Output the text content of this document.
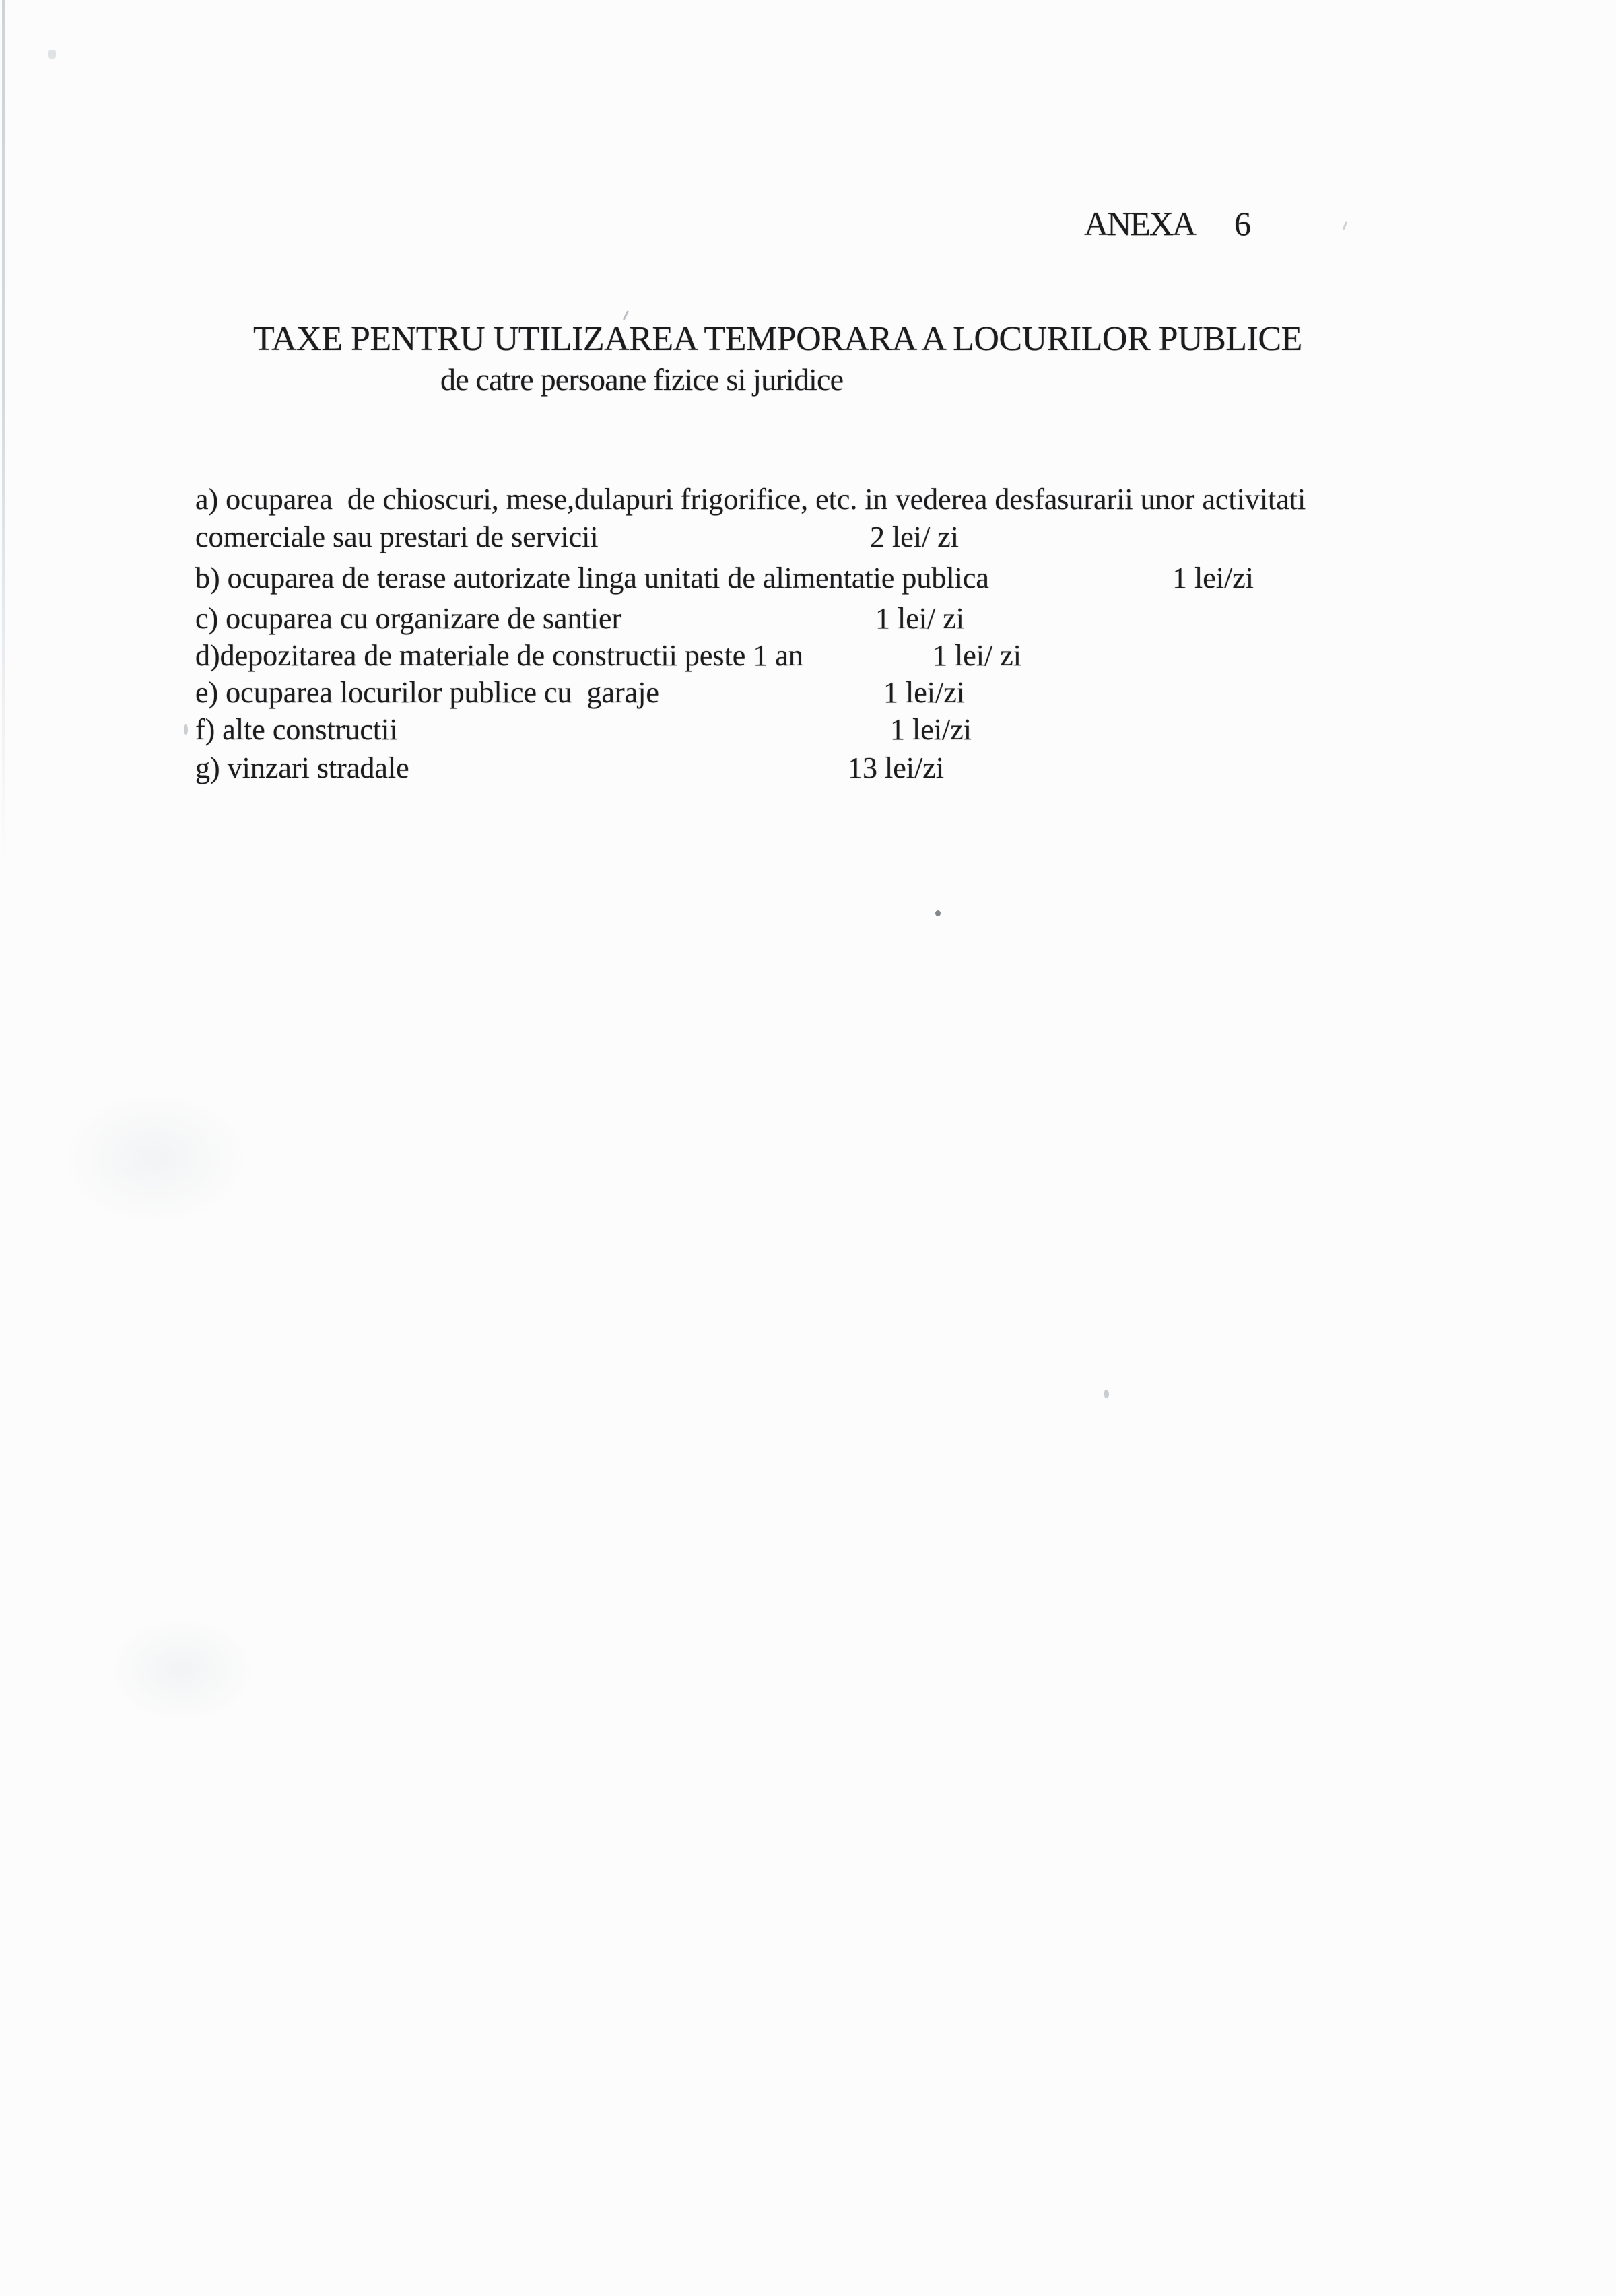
ANEXA 6
TAXE PENTRU UTILIZAREA TEMPORARA A LOCURILOR PUBLICE
de catre persoane fizice si juridice
a) ocuparea  de chioscuri, mese,dulapuri frigorifice, etc. in vederea desfasurarii unor activitati
comerciale sau prestari de servicii	2 lei/ zi
b) ocuparea de terase autorizate linga unitati de alimentatie publica	1 lei/zi
c) ocuparea cu organizare de santier	1 lei/ zi
d)depozitarea de materiale de constructii peste 1 an	1 lei/ zi
e) ocuparea locurilor publice cu  garaje	1 lei/zi
f) alte constructii	1 lei/zi
g) vinzari stradale	13 lei/zi
